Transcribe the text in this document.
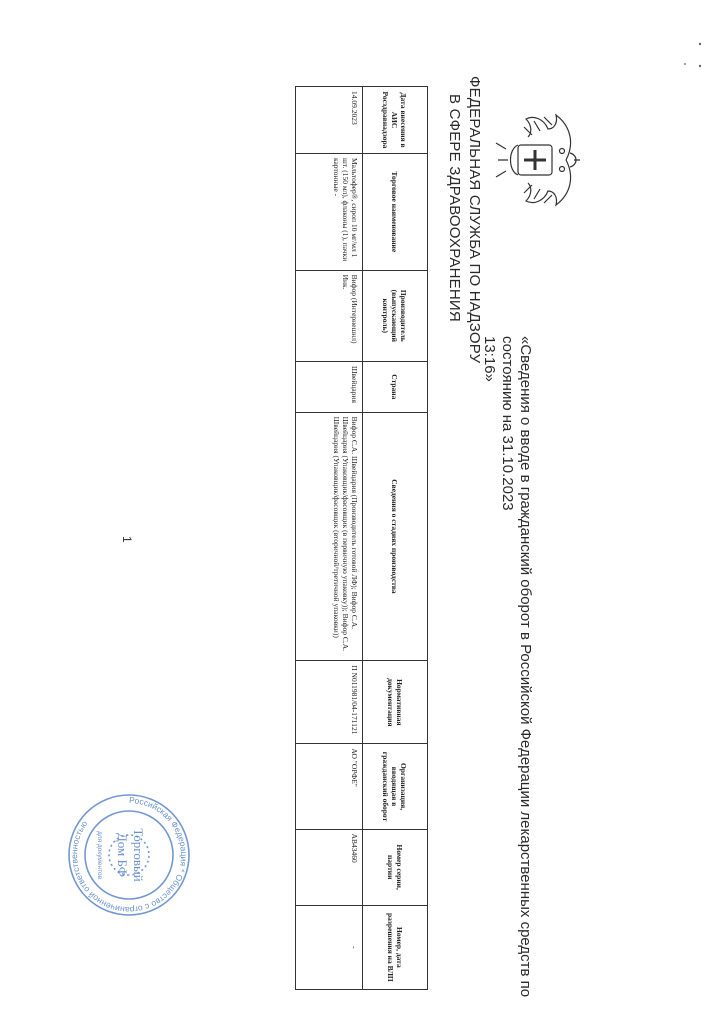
ФЕДЕРАЛЬНАЯ СЛУЖБА ПО НАДЗОРУ
В СФЕРЕ ЗДРАВООХРАНЕНИЯ
«Сведения о вводе в гражданский оборот в Российской Федерации лекарственных средств по состоянию на 31.10.2023
13:16»
Дата внесения в АИС Росздравнадзора	Торговое наименование	Производитель (выпускающий контроль)	Страна	Сведения о стадиях производства	Нормативная документация	Организация, вводящая в гражданский оборот	Номер серии, партии	Номер, дата разрешения на ВЛП
14.09.2023	Мальтофер®, сироп 10 мг/мл 1 шт. (150 мл), флаконы (1), пачки картонные -	Вифор (Интернешнл) Инк.	Швейцария	Вифор С.А. Швейцария (Производитель готовой ЛФ); Вифор С.А. Швейцария (Упаковщик/фасовщик (в первичную упаковку)); Вифор С.А. Швейцария (Упаковщик/фасовщик (вторичной/третичной упаковки))	П N011981/04-171121	АО "ОРФЕ"	AB43460	-
1
Российская Федерация * Общество с ограниченной ответственностью
Торговый
Дом БФ
для документов
